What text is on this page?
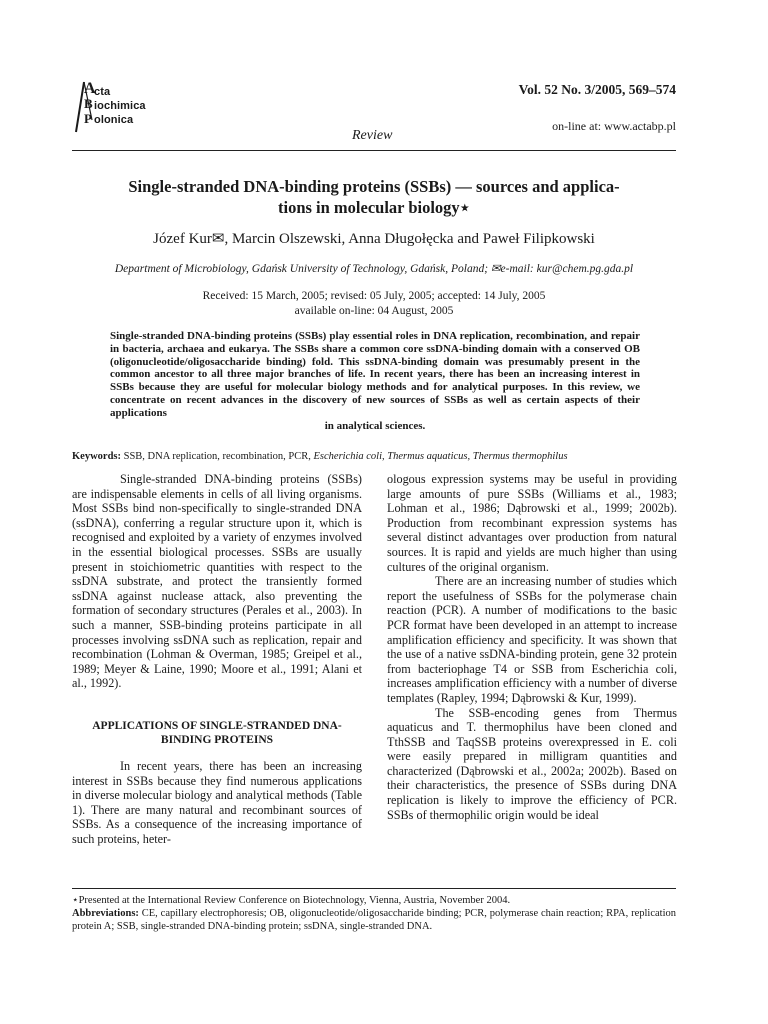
A
cta
B iochimica
P olonica
Vol. 52 No. 3/2005, 569–574
on-line at: www.actabp.pl
Review
Single-stranded DNA-binding proteins (SSBs) — sources and applica-
tions in molecular biology⋆
Józef Kur✉, Marcin Olszewski, Anna Długołęcka and Paweł Filipkowski
Department of Microbiology, Gdańsk University of Technology, Gdańsk, Poland; ✉e-mail: kur@chem.pg.gda.pl
Received: 15 March, 2005; revised: 05 July, 2005; accepted: 14 July, 2005
available on-line: 04 August, 2005
Single-stranded DNA-binding proteins (SSBs) play essential roles in DNA replication, recombination, and repair in bacteria, archaea and eukarya. The SSBs share a common core ssDNA-binding domain with a conserved OB (oligonucleotide/oligosaccharide binding) fold. This ssDNA-binding domain was presumably present in the common ancestor to all three major branches of life. In recent years, there has been an increasing interest in SSBs because they are useful for molecular biology methods and for analytical purposes. In this review, we concentrate on recent advances in the discovery of new sources of SSBs as well as certain aspects of their applications
in analytical sciences.
Keywords: SSB, DNA replication, recombination, PCR, Escherichia coli, Thermus aquaticus, Thermus thermophilus

Single-stranded DNA-binding proteins (SSBs) are indispensable elements in cells of all living organisms. Most SSBs bind non-specifically to single-stranded DNA (ssDNA), conferring a regular structure upon it, which is recognised and exploited by a variety of enzymes involved in the essential biological processes. SSBs are usually present in stoichiometric quantities with respect to the ssDNA substrate, and protect the transiently formed ssDNA against nuclease attack, also preventing the formation of secondary structures (Perales et al., 2003). In such a manner, SSB-binding proteins participate in all processes involving ssDNA such as replication, repair and recombination (Lohman & Overman, 1985; Greipel et al., 1989; Meyer & Laine, 1990; Moore et al., 1991; Alani et al., 1992).

APPLICATIONS OF SINGLE-STRANDED DNA-BINDING PROTEINS

In recent years, there has been an increasing interest in SSBs because they find numerous applications in diverse molecular biology and analytical methods (Table 1). There are many natural and recombinant sources of SSBs. As a consequence of the increasing importance of such proteins, heter-

ologous expression systems may be useful in providing large amounts of pure SSBs (Williams et al., 1983; Lohman et al., 1986; Dąbrowski et al., 1999; 2002b). Production from recombinant expression systems has several distinct advantages over production from natural sources. It is rapid and yields are much higher than using cultures of the original organism.

There are an increasing number of studies which report the usefulness of SSBs for the polymerase chain reaction (PCR). A number of modifications to the basic PCR format have been developed in an attempt to increase amplification efficiency and specificity. It was shown that the use of a native ssDNA-binding protein, gene 32 protein from bacteriophage T4 or SSB from Escherichia coli, increases amplification efficiency with a number of diverse templates (Rapley, 1994; Dąbrowski & Kur, 1999).

The SSB-encoding genes from Thermus aquaticus and T. thermophilus have been cloned and TthSSB and TaqSSB proteins overexpressed in E. coli were easily prepared in milligram quantities and characterized (Dąbrowski et al., 2002a; 2002b). Based on their characteristics, the presence of SSBs during DNA replication is likely to improve the efficiency of PCR. SSBs of thermophilic origin would be ideal

⋆Presented at the International Review Conference on Biotechnology, Vienna, Austria, November 2004.
Abbreviations: CE, capillary electrophoresis; OB, oligonucleotide/oligosaccharide binding; PCR, polymerase chain reaction; RPA, replication protein A; SSB, single-stranded DNA-binding protein; ssDNA, single-stranded DNA.
